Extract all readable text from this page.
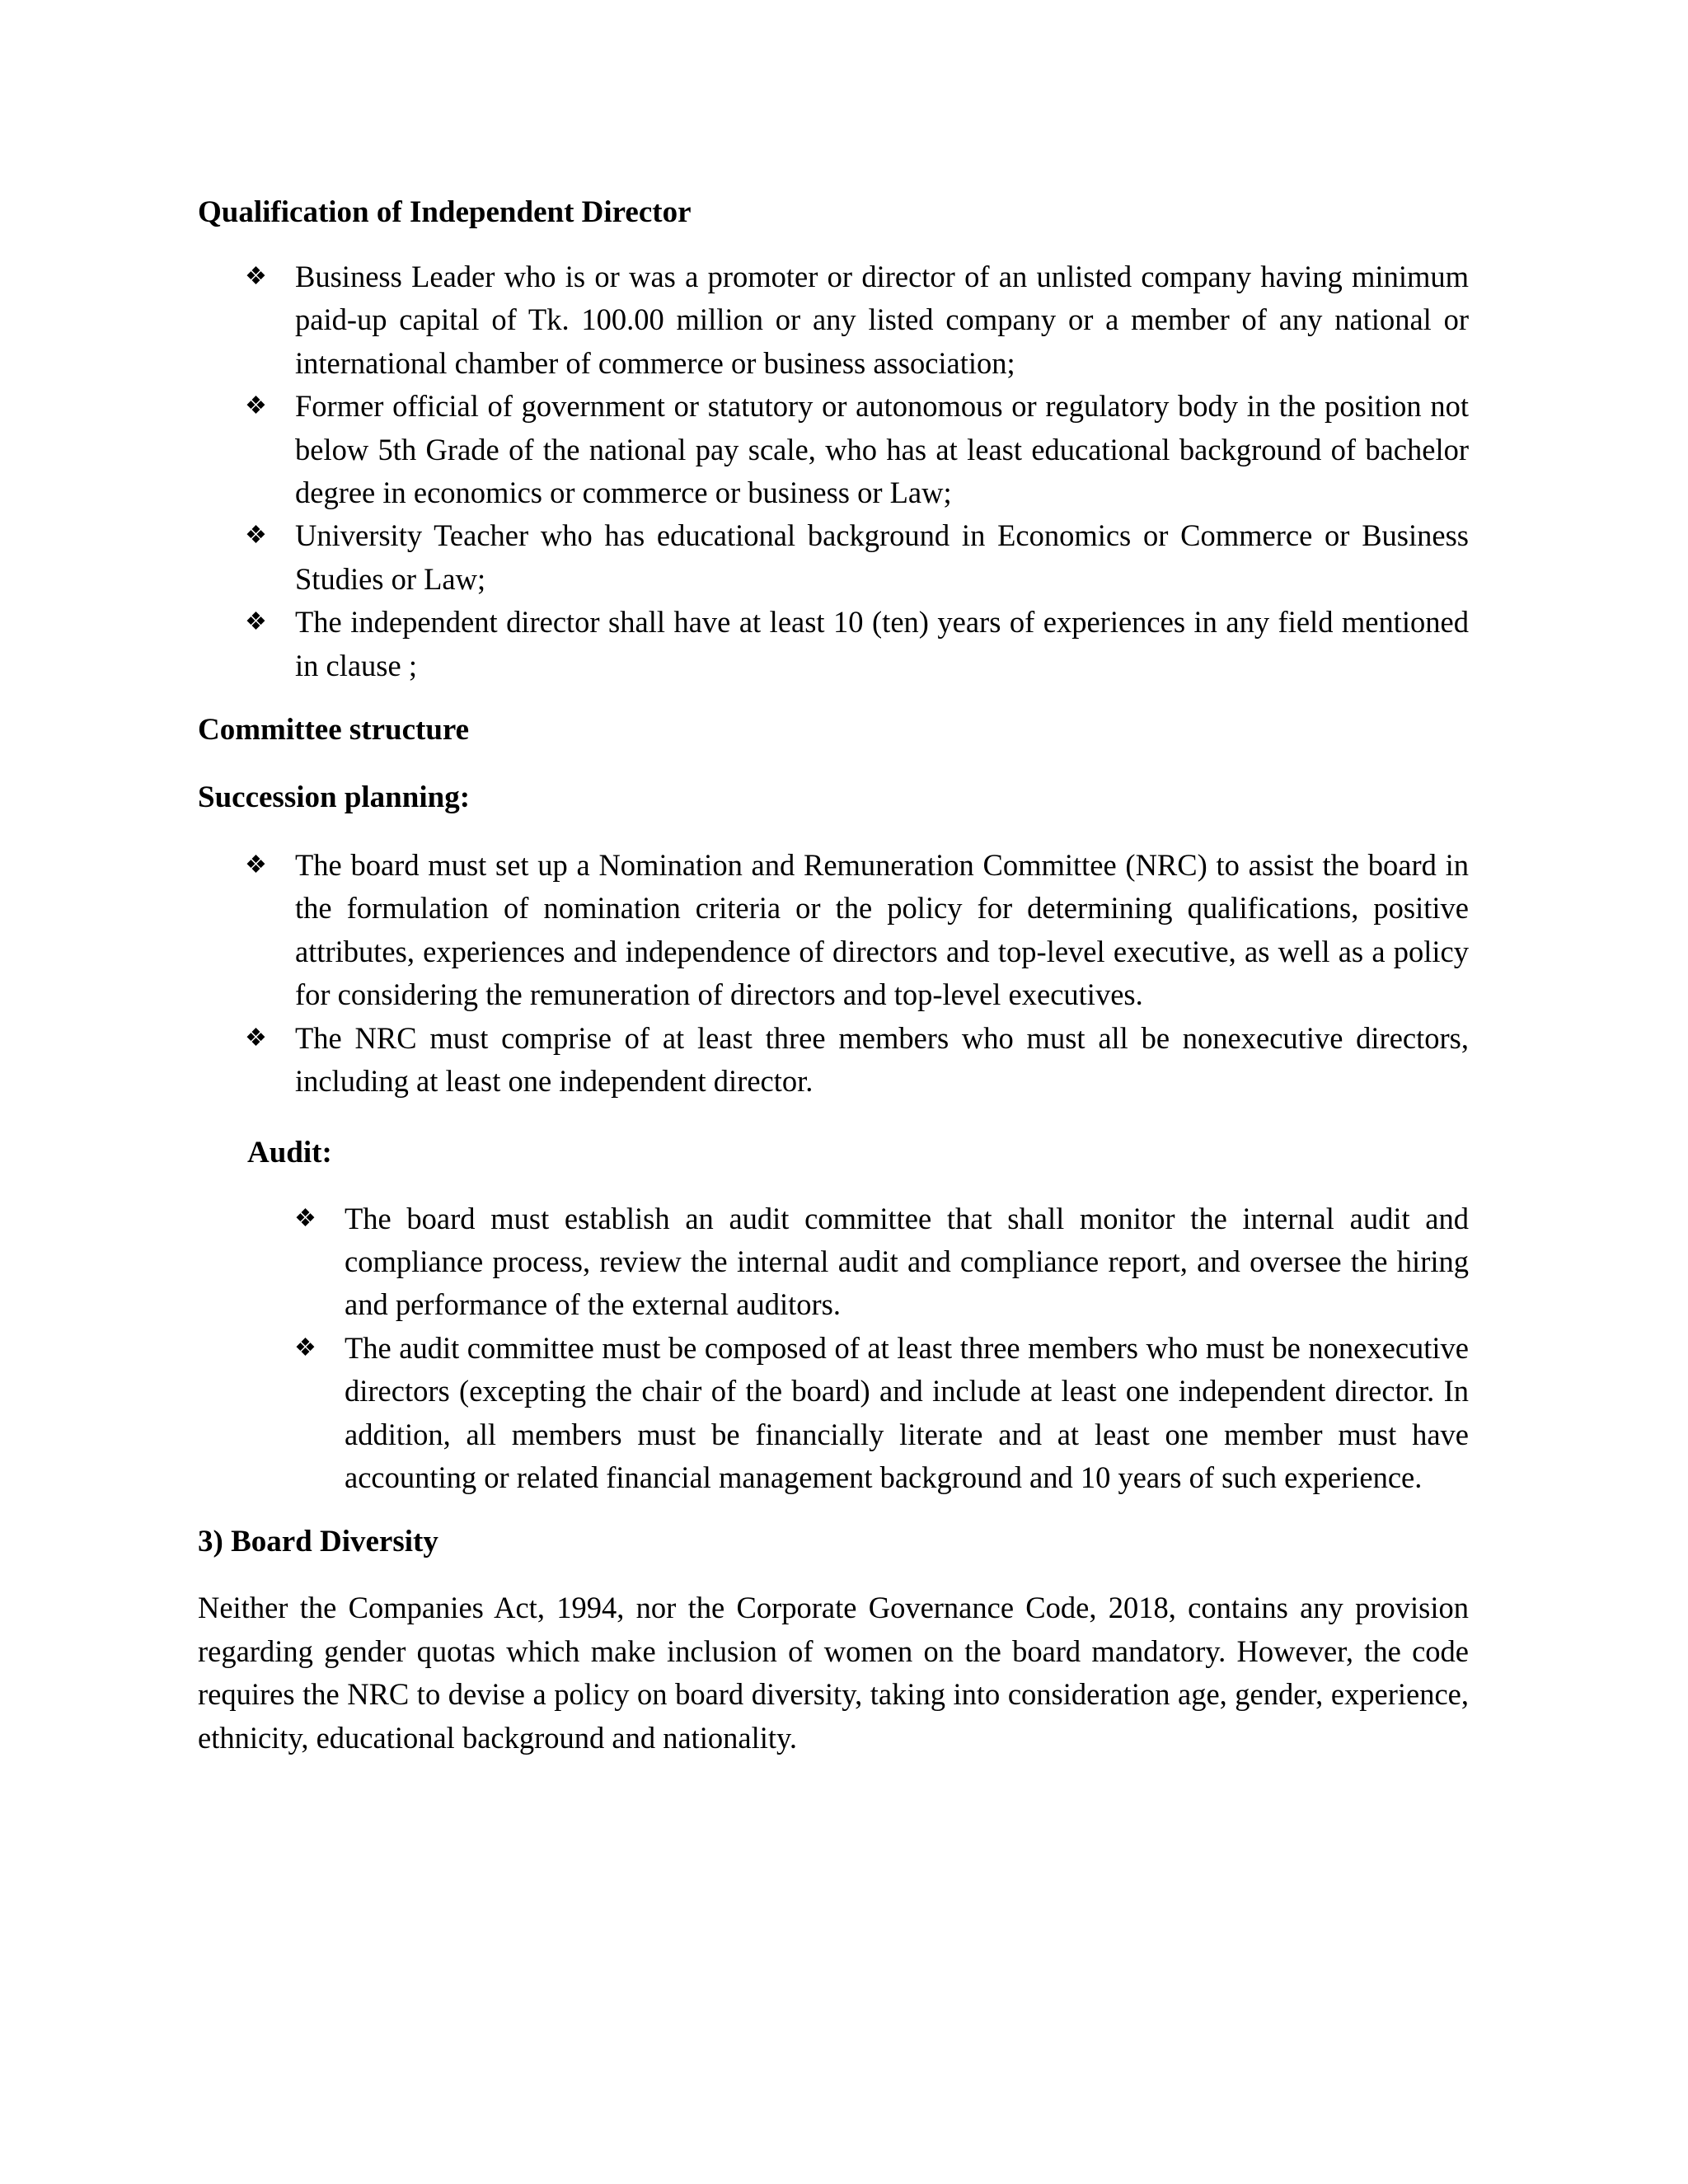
Qualification of Independent Director
❖ Business Leader who is or was a promoter or director of an unlisted company having minimum paid-up capital of Tk. 100.00 million or any listed company or a member of any national or international chamber of commerce or business association;
❖ Former official of government or statutory or autonomous or regulatory body in the position not below 5th Grade of the national pay scale, who has at least educational background of bachelor degree in economics or commerce or business or Law;
❖ University Teacher who has educational background in Economics or Commerce or Business Studies or Law;
❖ The independent director shall have at least 10 (ten) years of experiences in any field mentioned in clause ;
Committee structure
Succession planning:
❖ The board must set up a Nomination and Remuneration Committee (NRC) to assist the board in the formulation of nomination criteria or the policy for determining qualifications, positive attributes, experiences and independence of directors and top-level executive, as well as a policy for considering the remuneration of directors and top-level executives.
❖ The NRC must comprise of at least three members who must all be nonexecutive directors, including at least one independent director.
Audit:
❖ The board must establish an audit committee that shall monitor the internal audit and compliance process, review the internal audit and compliance report, and oversee the hiring and performance of the external auditors.
❖ The audit committee must be composed of at least three members who must be nonexecutive directors (excepting the chair of the board) and include at least one independent director. In addition, all members must be financially literate and at least one member must have accounting or related financial management background and 10 years of such experience.
3) Board Diversity

Neither the Companies Act, 1994, nor the Corporate Governance Code, 2018, contains any provision regarding gender quotas which make inclusion of women on the board mandatory. However, the code requires the NRC to devise a policy on board diversity, taking into consideration age, gender, experience, ethnicity, educational background and nationality.
